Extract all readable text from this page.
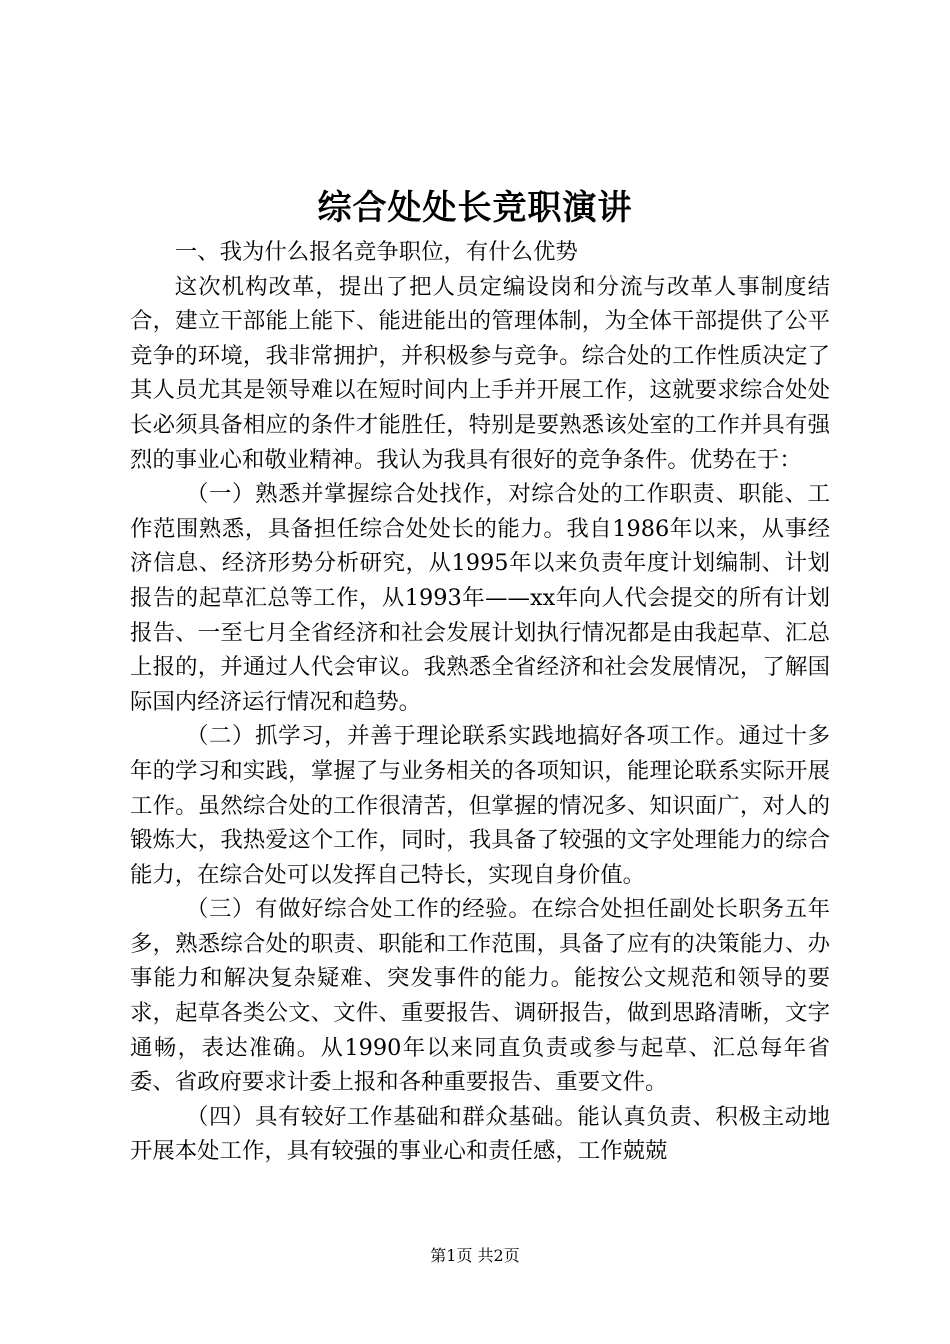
综合处处长竞职演讲

一、我为什么报名竞争职位，有什么优势

这次机构改革，提出了把人员定编设岗和分流与改革人事制度结合，建立干部能上能下、能进能出的管理体制，为全体干部提供了公平竞争的环境，我非常拥护，并积极参与竞争。综合处的工作性质决定了其人员尤其是领导难以在短时间内上手并开展工作，这就要求综合处处长必须具备相应的条件才能胜任，特别是要熟悉该处室的工作并具有强烈的事业心和敬业精神。我认为我具有很好的竞争条件。优势在于：

（一）熟悉并掌握综合处找作，对综合处的工作职责、职能、工作范围熟悉，具备担任综合处处长的能力。我自1986年以来，从事经济信息、经济形势分析研究，从1995年以来负责年度计划编制、计划报告的起草汇总等工作，从1993年——xx年向人代会提交的所有计划报告、一至七月全省经济和社会发展计划执行情况都是由我起草、汇总上报的，并通过人代会审议。我熟悉全省经济和社会发展情况，了解国际国内经济运行情况和趋势。

（二）抓学习，并善于理论联系实践地搞好各项工作。通过十多年的学习和实践，掌握了与业务相关的各项知识，能理论联系实际开展工作。虽然综合处的工作很清苦，但掌握的情况多、知识面广，对人的锻炼大，我热爱这个工作，同时，我具备了较强的文字处理能力的综合能力，在综合处可以发挥自己特长，实现自身价值。

（三）有做好综合处工作的经验。在综合处担任副处长职务五年多，熟悉综合处的职责、职能和工作范围，具备了应有的决策能力、办事能力和解决复杂疑难、突发事件的能力。能按公文规范和领导的要求，起草各类公文、文件、重要报告、调研报告，做到思路清晰，文字通畅，表达准确。从1990年以来同直负责或参与起草、汇总每年省委、省政府要求计委上报和各种重要报告、重要文件。

（四）具有较好工作基础和群众基础。能认真负责、积极主动地开展本处工作，具有较强的事业心和责任感，工作兢兢

第1页 共2页
